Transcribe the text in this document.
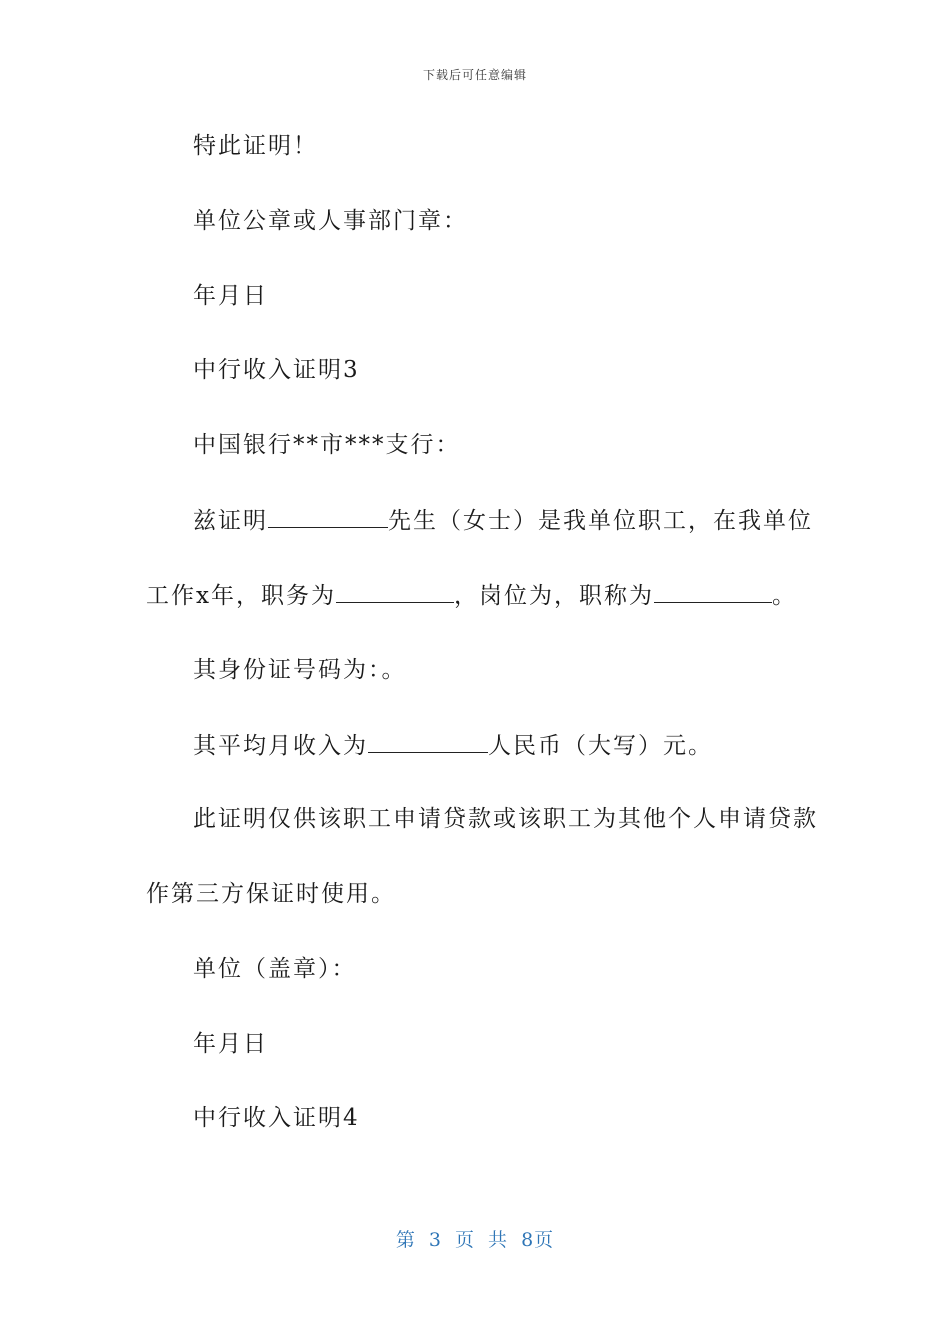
下载后可任意编辑
特此证明！
单位公章或人事部门章：
年月日
中行收入证明3
中国银行**市***支行：
兹证明	先生（女士）是我单位职工，在我单位
工作x年，职务为	，岗位为，职称为	。
其身份证号码为：。
其平均月收入为	人民币（大写）元。
此证明仅供该职工申请贷款或该职工为其他个人申请贷款
作第三方保证时使用。
单位（盖章）：
年月日
中行收入证明4
第 3 页 共 8页
